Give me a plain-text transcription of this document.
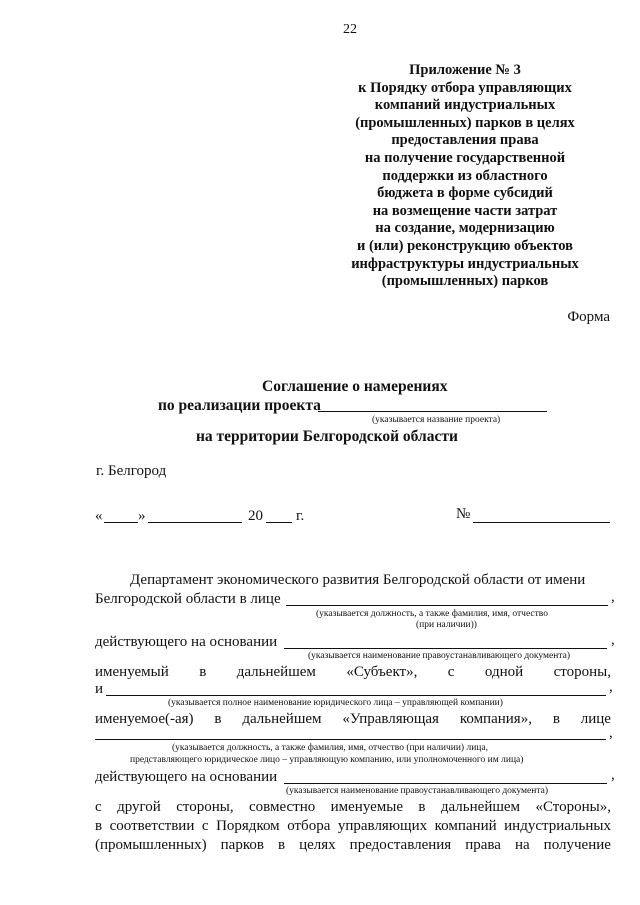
22
Приложение № 3
к Порядку отбора управляющих
компаний индустриальных
(промышленных) парков в целях
предоставления права
на получение государственной
поддержки из областного
бюджета в форме субсидий
на возмещение части затрат
на создание, модернизацию
и (или) реконструкцию объектов
инфраструктуры индустриальных
(промышленных) парков
Форма
Соглашение о намерениях
по реализации проекта
(указывается название проекта)
на территории Белгородской области
г. Белгород
« »	20 г.	№
Департамент экономического развития Белгородской области от имени
Белгородской области в лице	,
(указывается должность, а также фамилия, имя, отчество
(при наличии))
действующего на основании	,
(указывается наименование правоустанавливающего документа)
именуемый в дальнейшем «Субъект», с одной стороны,
и	,
(указывается полное наименование юридического лица – управляющей компании)
именуемое(-ая) в дальнейшем «Управляющая компания», в лице
,
(указывается должность, а также фамилия, имя, отчество (при наличии) лица,
представляющего юридическое лицо – управляющую компанию, или уполномоченного им лица)
действующего на основании	,
(указывается наименование правоустанавливающего документа)
с другой стороны, совместно именуемые в дальнейшем «Стороны»,
в соответствии с Порядком отбора управляющих компаний индустриальных
(промышленных) парков в целях предоставления права на получение
